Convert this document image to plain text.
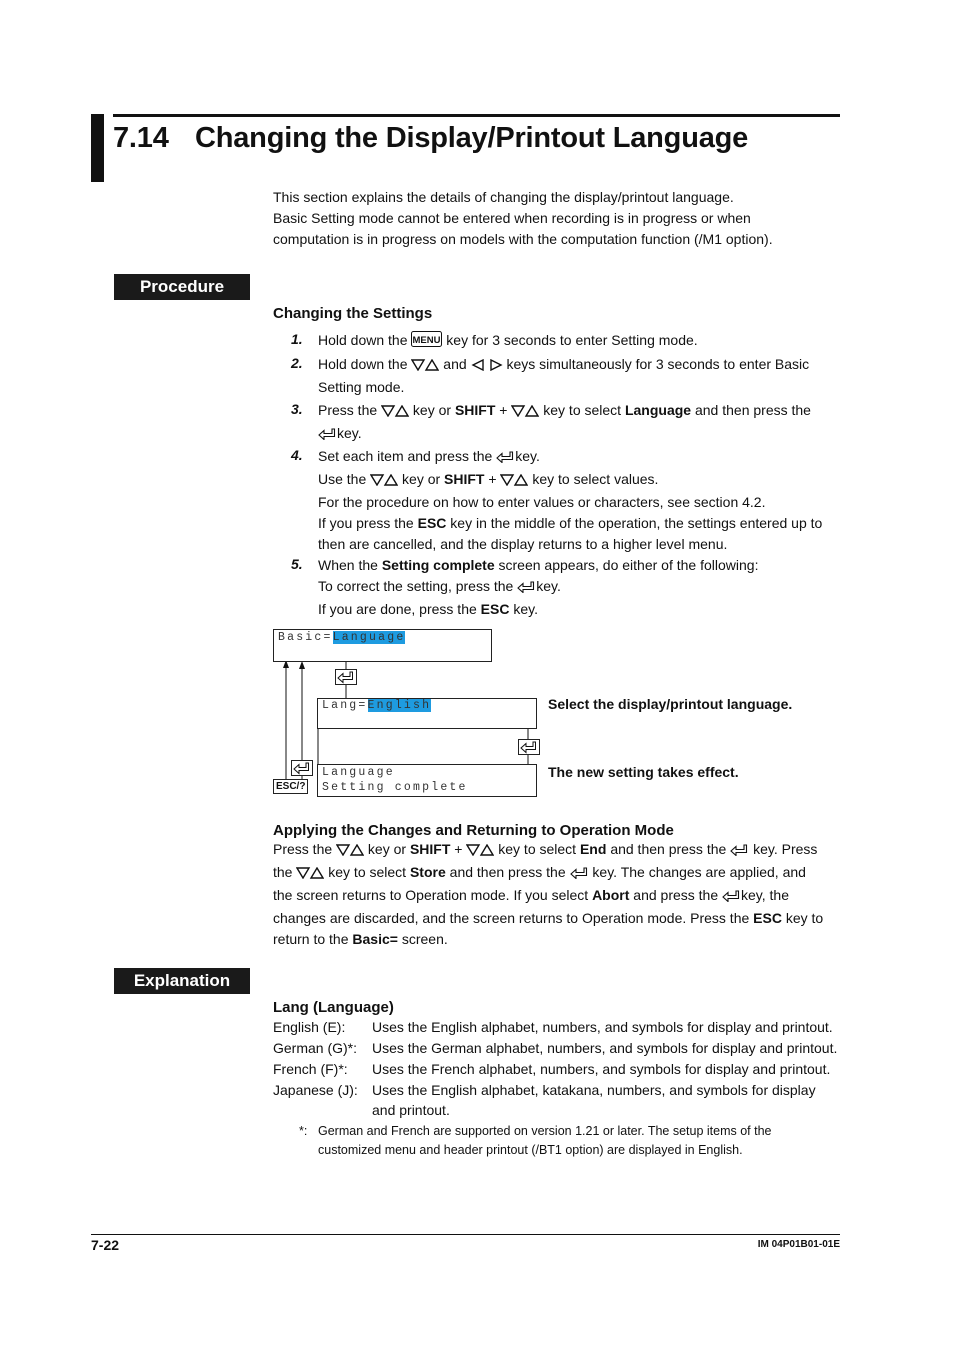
7.14 Changing the Display/Printout Language
This section explains the details of changing the display/printout language.
Basic Setting mode cannot be entered when recording is in progress or when
computation is in progress on models with the computation function (/M1 option).
Procedure
Changing the Settings
1. Hold down the MENU key for 3 seconds to enter Setting mode.
2. Hold down the	and	keys simultaneously for 3 seconds to enter Basic
Setting mode.
3. Press the	key or SHIFT +	key to select Language and then press the
key.
4. Set each item and press the key.
Use the	key or SHIFT +	key to select values.
For the procedure on how to enter values or characters, see section 4.2.
If you press the ESC key in the middle of the operation, the settings entered up to
then are cancelled, and the display returns to a higher level menu.
5. When the Setting complete screen appears, do either of the following:
To correct the setting, press the key.
If you are done, press the ESC key.
Basic=Language
Lang=English
ESC/?
Language
Setting complete
Select the display/printout language.
The new setting takes effect.
Applying the Changes and Returning to Operation Mode
Press the	key or SHIFT +	key to select End and then press the key. Press
the	key to select Store and then press the key. The changes are applied, and
the screen returns to Operation mode. If you select Abort and press the key, the
changes are discarded, and the screen returns to Operation mode. Press the ESC key to
return to the Basic= screen.
Explanation
Lang (Language)
English (E): Uses the English alphabet, numbers, and symbols for display and printout.
German (G)*: Uses the German alphabet, numbers, and symbols for display and printout.
French (F)*: Uses the French alphabet, numbers, and symbols for display and printout.
Japanese (J): Uses the English alphabet, katakana, numbers, and symbols for display
and printout.
*: German and French are supported on version 1.21 or later. The setup items of the
customized menu and header printout (/BT1 option) are displayed in English.
7-22	IM 04P01B01-01E
